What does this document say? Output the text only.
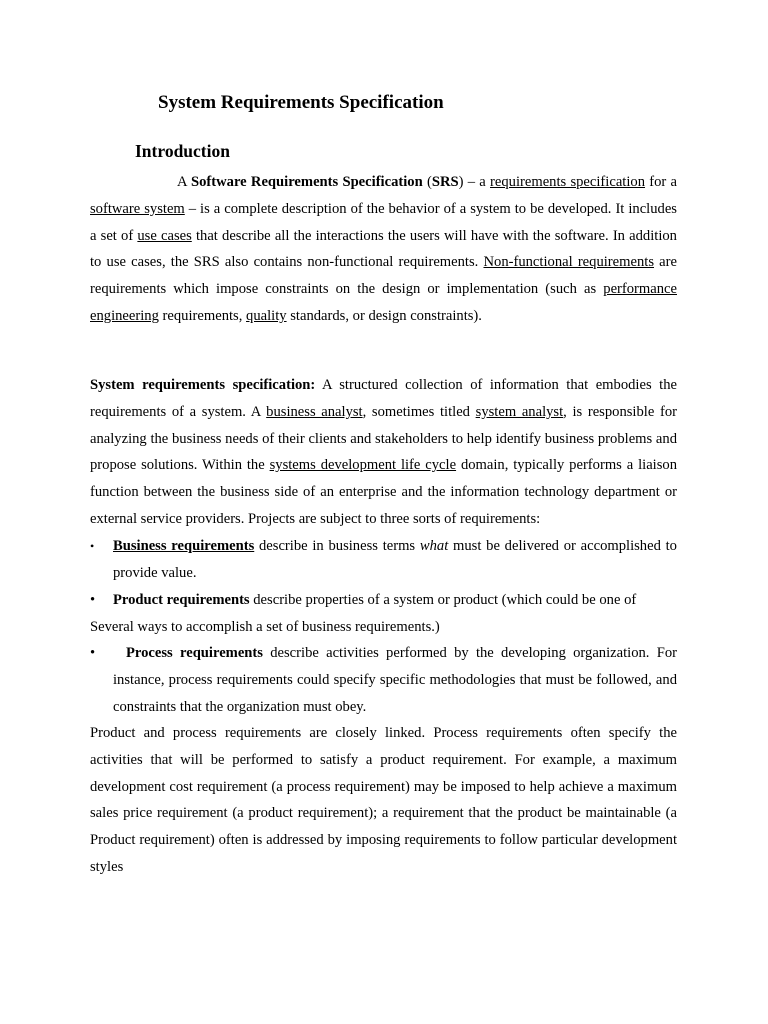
System Requirements Specification
Introduction

A Software Requirements Specification (SRS) – a requirements specification for a software system – is a complete description of the behavior of a system to be developed. It includes a set of use cases that describe all the interactions the users will have with the software. In addition to use cases, the SRS also contains non-functional requirements. Non-functional requirements are requirements which impose constraints on the design or implementation (such as performance engineering requirements, quality standards, or design constraints).

System requirements specification: A structured collection of information that embodies the requirements of a system. A business analyst, sometimes titled system analyst, is responsible for analyzing the business needs of their clients and stakeholders to help identify business problems and propose solutions. Within the systems development life cycle domain, typically performs a liaison function between the business side of an enterprise and the information technology department or external service providers. Projects are subject to three sorts of requirements:

•	Business requirements describe in business terms what must be delivered or accomplished to provide value.

•	Product requirements describe properties of a system or product (which could be one of Several ways to accomplish a set of business requirements.)

•	Process requirements describe activities performed by the developing organization. For instance, process requirements could specify specific methodologies that must be followed, and constraints that the organization must obey.

Product and process requirements are closely linked. Process requirements often specify the activities that will be performed to satisfy a product requirement. For example, a maximum development cost requirement (a process requirement) may be imposed to help achieve a maximum sales price requirement (a product requirement); a requirement that the product be maintainable (a Product requirement) often is addressed by imposing requirements to follow particular development styles
